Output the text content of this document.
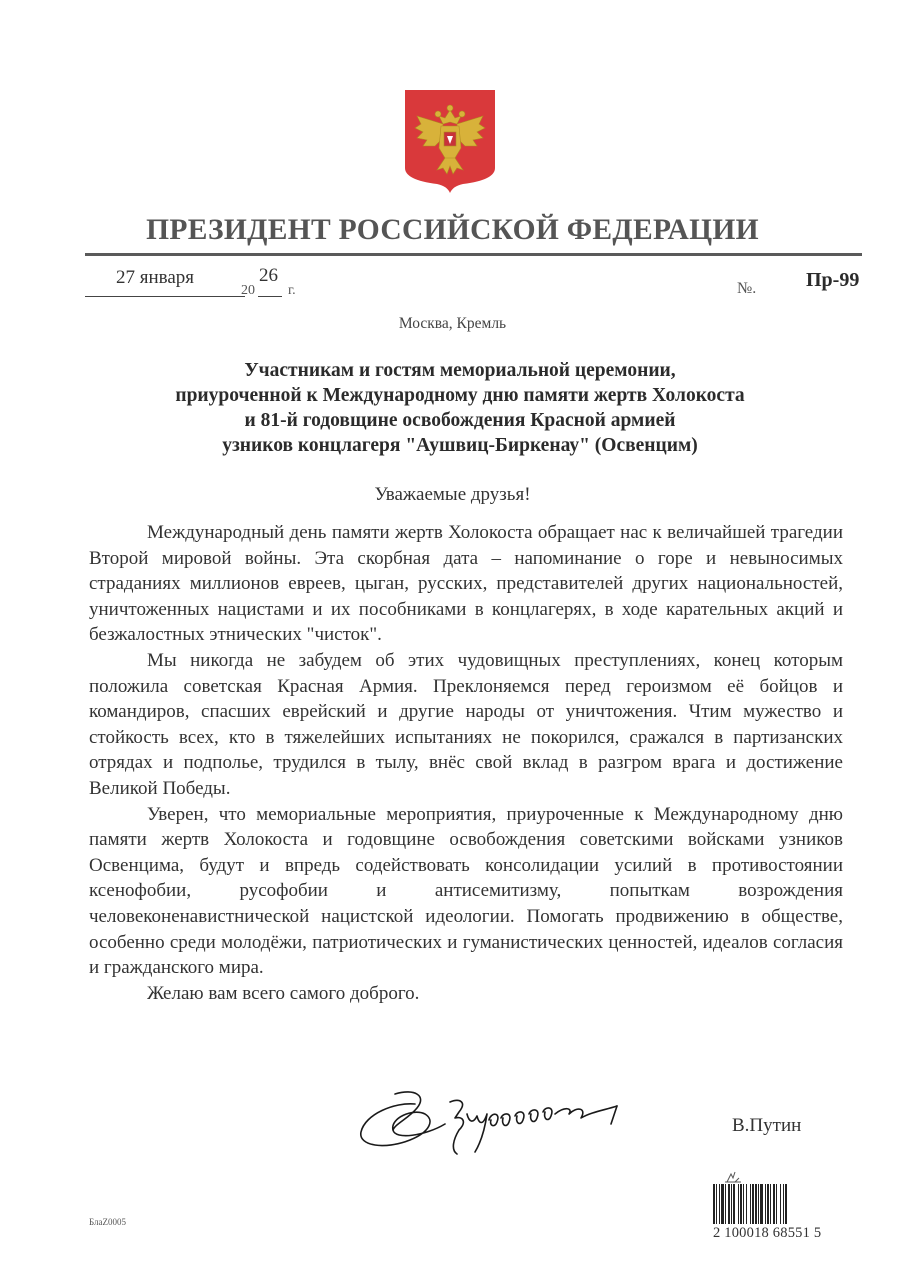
ПРЕЗИДЕНТ РОССИЙСКОЙ ФЕДЕРАЦИИ
27 января
20
26
г.	№. Пр-99
Москва, Кремль
Участникам и гостям мемориальной церемонии,
приуроченной к Международному дню памяти жертв Холокоста
и 81-й годовщине освобождения Красной армией
узников концлагеря "Аушвиц-Биркенау" (Освенцим)
Уважаемые друзья!

Международный день памяти жертв Холокоста обращает нас к величайшей трагедии Второй мировой войны. Эта скорбная дата – напоминание о горе и невыносимых страданиях миллионов евреев, цыган, русских, представителей других национальностей, уничтоженных нацистами и их пособниками в концлагерях, в ходе карательных акций и безжалостных этнических "чисток".

Мы никогда не забудем об этих чудовищных преступлениях, конец которым положила советская Красная Армия. Преклоняемся перед героизмом её бойцов и командиров, спасших еврейский и другие народы от уничтожения. Чтим мужество и стойкость всех, кто в тяжелейших испытаниях не покорился, сражался в партизанских отрядах и подполье, трудился в тылу, внёс свой вклад в разгром врага и достижение Великой Победы.

Уверен, что мемориальные мероприятия, приуроченные к Международному дню памяти жертв Холокоста и годовщине освобождения советскими войсками узников Освенцима, будут и впредь содействовать консолидации усилий в противостоянии ксенофобии, русофобии и антисемитизму, попыткам возрождения человеконенавистнической нацистской идеологии. Помогать продвижению в обществе, особенно среди молодёжи, патриотических и гуманистических ценностей, идеалов согласия и гражданского мира.

Желаю вам всего самого доброго.

В.Путин
БлаZ0005
2 100018 68551 5
